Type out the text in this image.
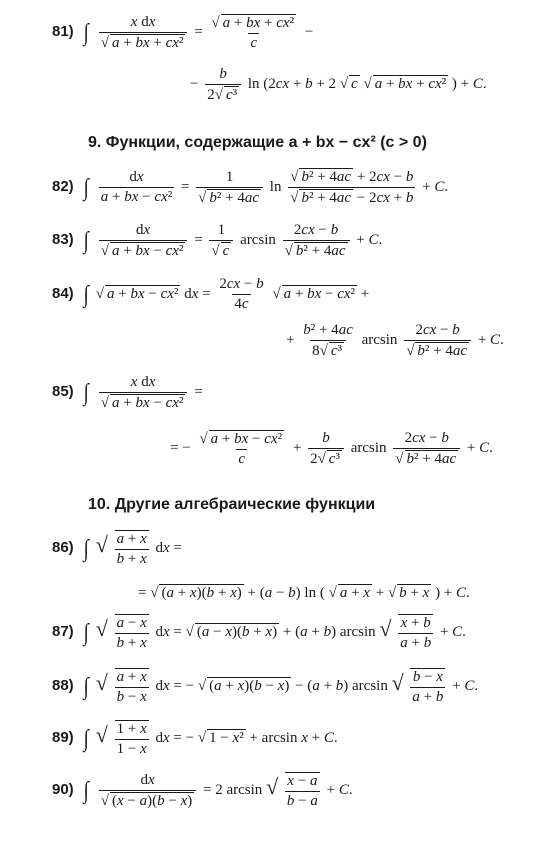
81) ∫ $\frac{\text{x dx}}{\text{√ a + bx + cx²}} = \frac{\text{√ a + bx + cx²}}{c}$ −
− $\frac{b}{\text{2√ c³}}$ ln (2cx + b + 2 √ c √ a + bx + cx² ) + C.
9. Функции, содержащие a + bx − cx² (c > 0)
82) ∫ $\frac{dx}{\text{a + bx − cx²}} = \frac{1}{\text{√ b² + 4ac}}$ $\ln \frac{\text{√ b² + 4ac + 2cx − b}}{\text{√ b² + 4ac − 2cx + b}} + C$.
83) ∫ $\frac{dx}{\text{√ a + bx − cx²}} = \frac{1}{√ c}$ $\arcsin \frac{2cx - b}{\text{√ b² + 4ac}} + C$.
84) ∫ √ a + bx − cx² dx = $\frac{2cx - b}{4c}$ √ a + bx − cx² +
+ $\frac{\text{b² + 4ac}}{\text{8√ c³}}$ $\arcsin \frac{2cx - b}{\text{√ b² + 4ac}} + C$.
85) ∫ $\frac{\text{x dx}}{\text{√ a + bx − cx²}}$ =
= − $\frac{\text{√ a + bx − cx²}}{c} + \frac{b}{\text{2√ c³}}$ $\arcsin \frac{2cx - b}{\text{√ b² + 4ac}} + C$.
10. Другие алгебраические функции
86) ∫ √ $\frac{a + x}{b + x}$ dx =
= √ (a + x)(b + x) + (a − b) ln ( √ a + x + √ b + x ) + C.
87) ∫ √ $\frac{a - x}{b + x}$ dx = √ (a − x)(b + x) + (a + b) arcsin √ $\frac{x + b}{a + b} + C$.
88) ∫ √ $\frac{a + x}{b - x}$ dx = − √ (a + x)(b − x) − (a + b) arcsin √ $\frac{b - x}{a + b} + C$.
89) ∫ √ $\frac{1 + x}{1 - x}$ dx = − √ 1 − x² + arcsin x + C.
90) ∫ $\frac{dx}{√ (x - a)(b - x)} = 2$ arcsin √ $\frac{x - a}{b - a} + C$.
